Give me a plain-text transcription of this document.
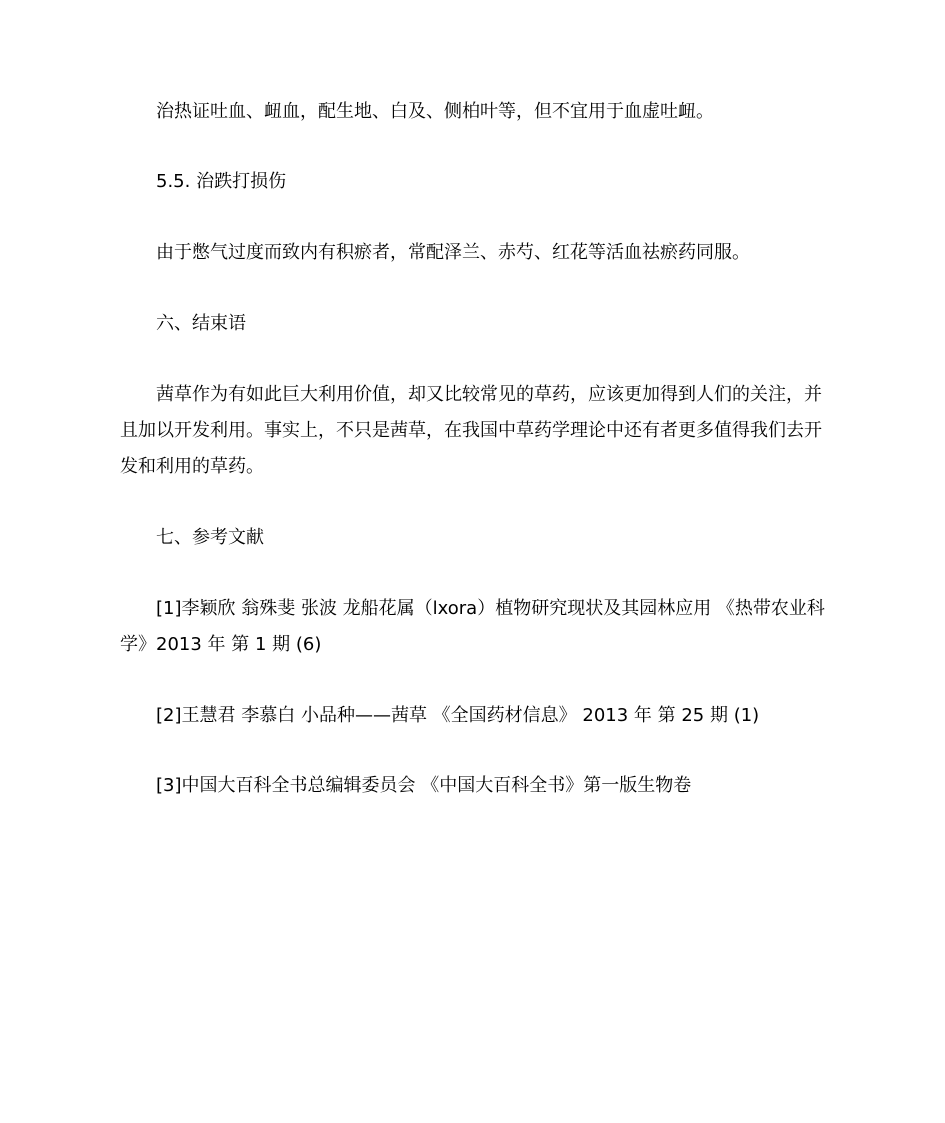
治热证吐血、衄血，配生地、白及、侧柏叶等，但不宜用于血虚吐衄。

5.5. 治跌打损伤

由于憋气过度而致内有积瘀者，常配泽兰、赤芍、红花等活血祛瘀药同服。

六、结束语

茜草作为有如此巨大利用价值，却又比较常见的草药，应该更加得到人们的关注，并且加以开发利用。事实上，不只是茜草，在我国中草药学理论中还有者更多值得我们去开发和利用的草药。

七、参考文献

[1]李颖欣 翁殊斐 张波 龙船花属（lxora）植物研究现状及其园林应用 《热带农业科学》2013 年 第 1 期 (6)

[2]王慧君 李慕白 小品种——茜草 《全国药材信息》 2013 年 第 25 期 (1)

[3]中国大百科全书总编辑委员会 《中国大百科全书》第一版生物卷
